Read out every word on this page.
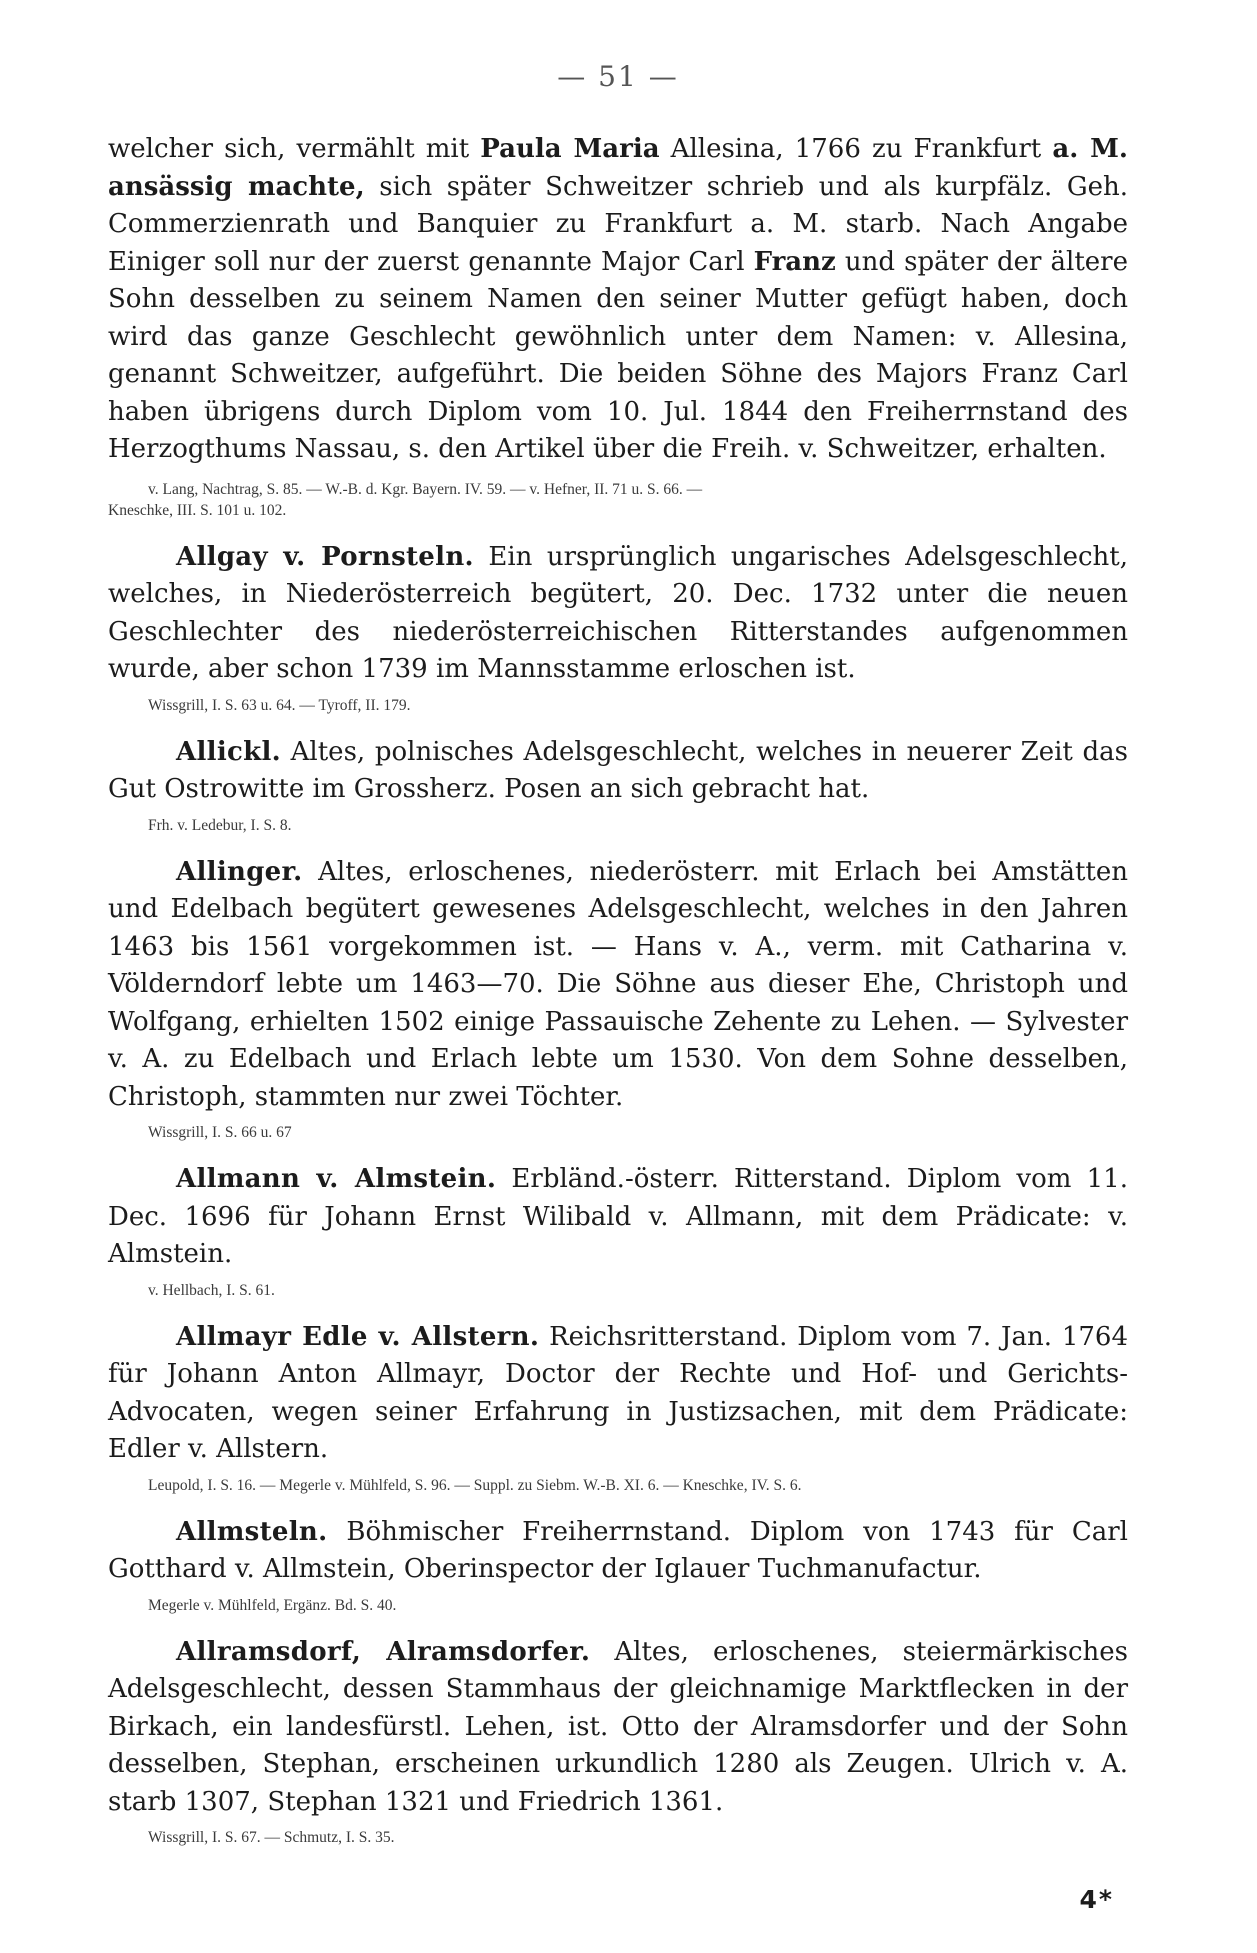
— 51 —

welcher sich, vermählt mit Paula Maria Allesina, 1766 zu Frankfurt a. M. ansässig machte, sich später Schweitzer schrieb und als kurpfälz. Geh. Commerzienrath und Banquier zu Frankfurt a. M. starb. Nach Angabe Einiger soll nur der zuerst genannte Major Carl Franz und später der ältere Sohn desselben zu seinem Namen den seiner Mutter gefügt haben, doch wird das ganze Geschlecht gewöhnlich unter dem Namen: v. Allesina, genannt Schweitzer, aufgeführt. Die beiden Söhne des Majors Franz Carl haben übrigens durch Diplom vom 10. Jul. 1844 den Freiherrnstand des Herzogthums Nassau, s. den Artikel über die Freih. v. Schweitzer, erhalten.

v. Lang, Nachtrag, S. 85. — W.-B. d. Kgr. Bayern. IV. 59. — v. Hefner, II. 71 u. S. 66. —
Kneschke, III. S. 101 u. 102.

Allgay v. Pornsteln. Ein ursprünglich ungarisches Adelsgeschlecht, welches, in Niederösterreich begütert, 20. Dec. 1732 unter die neuen Geschlechter des niederösterreichischen Ritterstandes aufgenommen wurde, aber schon 1739 im Mannsstamme erloschen ist.

Wissgrill, I. S. 63 u. 64. — Tyroff, II. 179.

Allickl. Altes, polnisches Adelsgeschlecht, welches in neuerer Zeit das Gut Ostrowitte im Grossherz. Posen an sich gebracht hat.

Frh. v. Ledebur, I. S. 8.

Allinger. Altes, erloschenes, niederösterr. mit Erlach bei Amstätten und Edelbach begütert gewesenes Adelsgeschlecht, welches in den Jahren 1463 bis 1561 vorgekommen ist. — Hans v. A., verm. mit Catharina v. Völderndorf lebte um 1463—70. Die Söhne aus dieser Ehe, Christoph und Wolfgang, erhielten 1502 einige Passauische Zehente zu Lehen. — Sylvester v. A. zu Edelbach und Erlach lebte um 1530. Von dem Sohne desselben, Christoph, stammten nur zwei Töchter.

Wissgrill, I. S. 66 u. 67

Allmann v. Almstein. Erbländ.-österr. Ritterstand. Diplom vom 11. Dec. 1696 für Johann Ernst Wilibald v. Allmann, mit dem Prädicate: v. Almstein.

v. Hellbach, I. S. 61.

Allmayr Edle v. Allstern. Reichsritterstand. Diplom vom 7. Jan. 1764 für Johann Anton Allmayr, Doctor der Rechte und Hof- und Gerichts-Advocaten, wegen seiner Erfahrung in Justizsachen, mit dem Prädicate: Edler v. Allstern.

Leupold, I. S. 16. — Megerle v. Mühlfeld, S. 96. — Suppl. zu Siebm. W.-B. XI. 6. — Kneschke, IV. S. 6.

Allmsteln. Böhmischer Freiherrnstand. Diplom von 1743 für Carl Gotthard v. Allmstein, Oberinspector der Iglauer Tuchmanufactur.

Megerle v. Mühlfeld, Ergänz. Bd. S. 40.

Allramsdorf, Alramsdorfer. Altes, erloschenes, steiermärkisches Adelsgeschlecht, dessen Stammhaus der gleichnamige Marktflecken in der Birkach, ein landesfürstl. Lehen, ist. Otto der Alramsdorfer und der Sohn desselben, Stephan, erscheinen urkundlich 1280 als Zeugen. Ulrich v. A. starb 1307, Stephan 1321 und Friedrich 1361.

Wissgrill, I. S. 67. — Schmutz, I. S. 35.
4*
